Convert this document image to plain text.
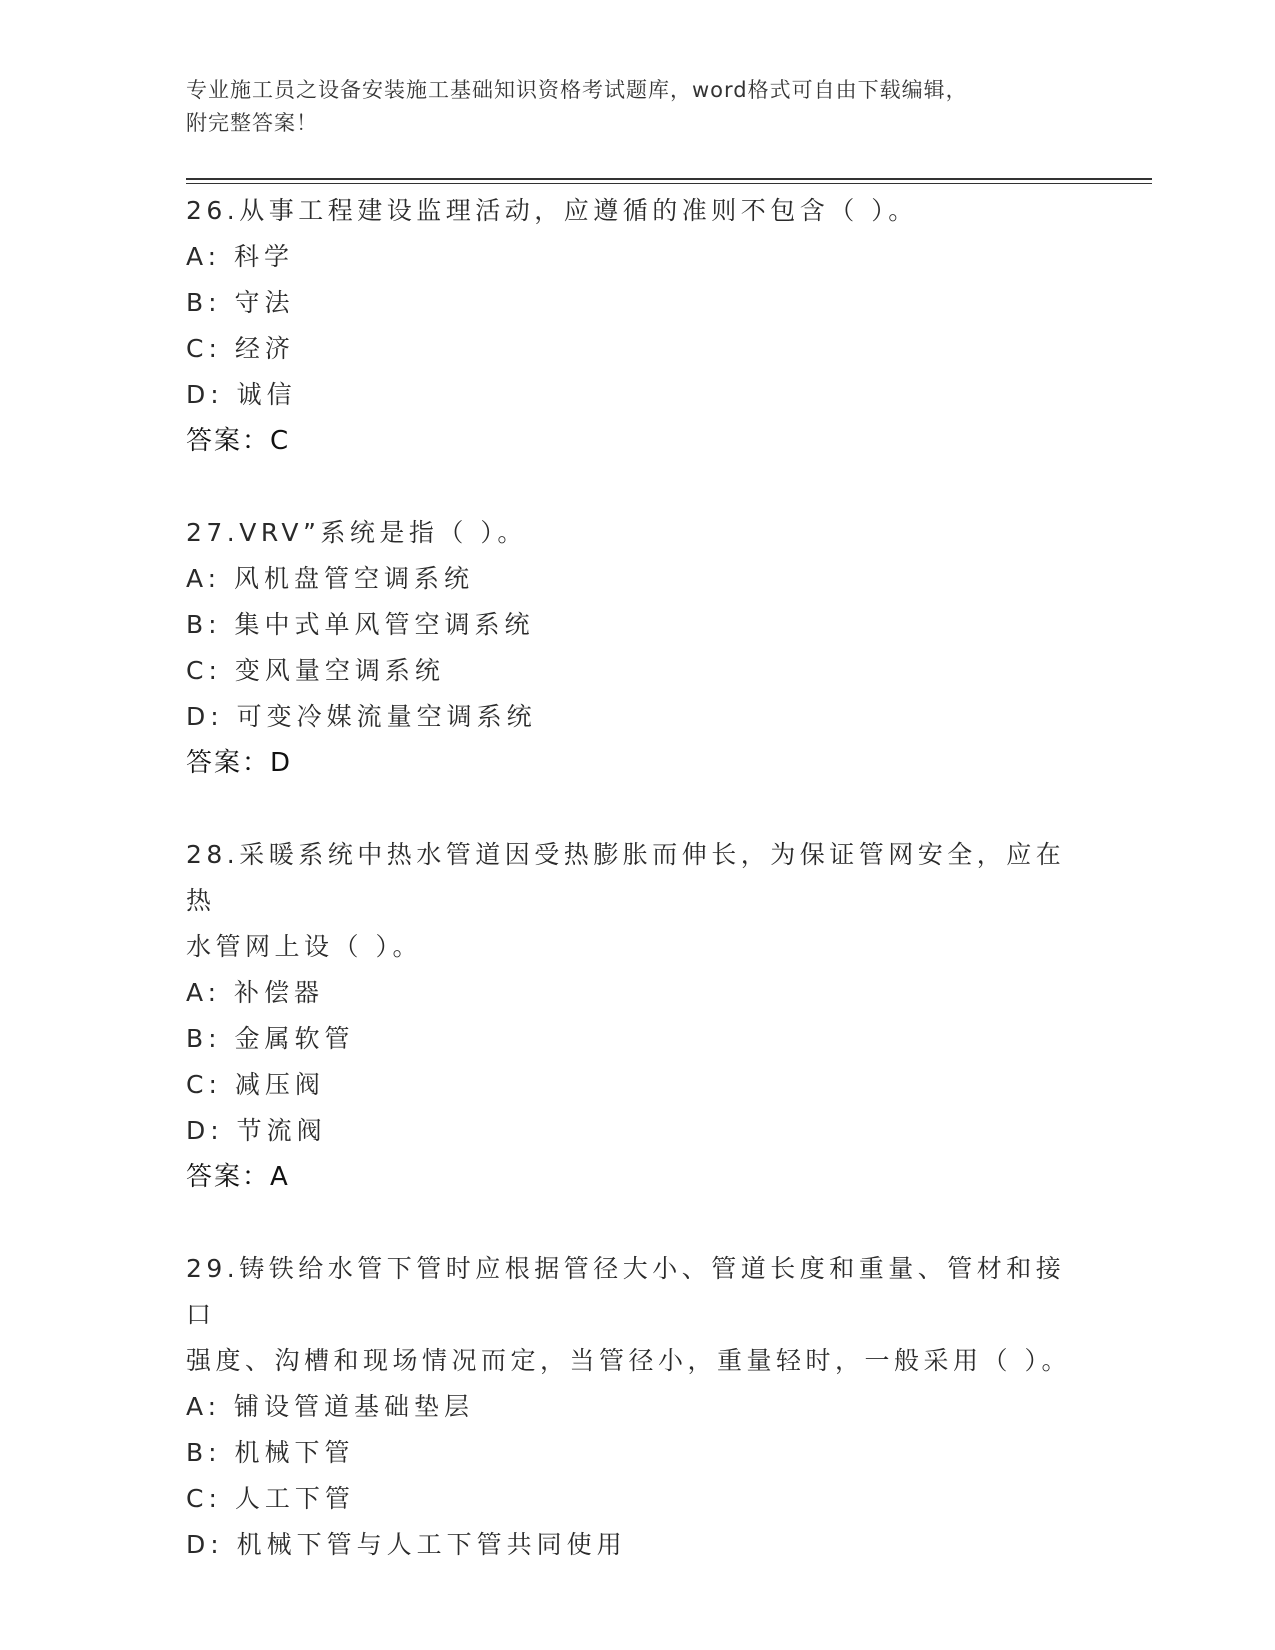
专业施工员之设备安装施工基础知识资格考试题库，word格式可自由下载编辑，
附完整答案！
26.从事工程建设监理活动，应遵循的准则不包含（ ）。
A: 科学
B: 守法
C: 经济
D: 诚信
答案：C
27.VRV”系统是指（ ）。
A: 风机盘管空调系统
B: 集中式单风管空调系统
C: 变风量空调系统
D: 可变冷媒流量空调系统
答案：D
28.采暖系统中热水管道因受热膨胀而伸长，为保证管网安全，应在热
水管网上设（ ）。
A: 补偿器
B: 金属软管
C: 减压阀
D: 节流阀
答案：A
29.铸铁给水管下管时应根据管径大小、管道长度和重量、管材和接口
强度、沟槽和现场情况而定，当管径小，重量轻时，一般采用（ ）。
A: 铺设管道基础垫层
B: 机械下管
C: 人工下管
D: 机械下管与人工下管共同使用
